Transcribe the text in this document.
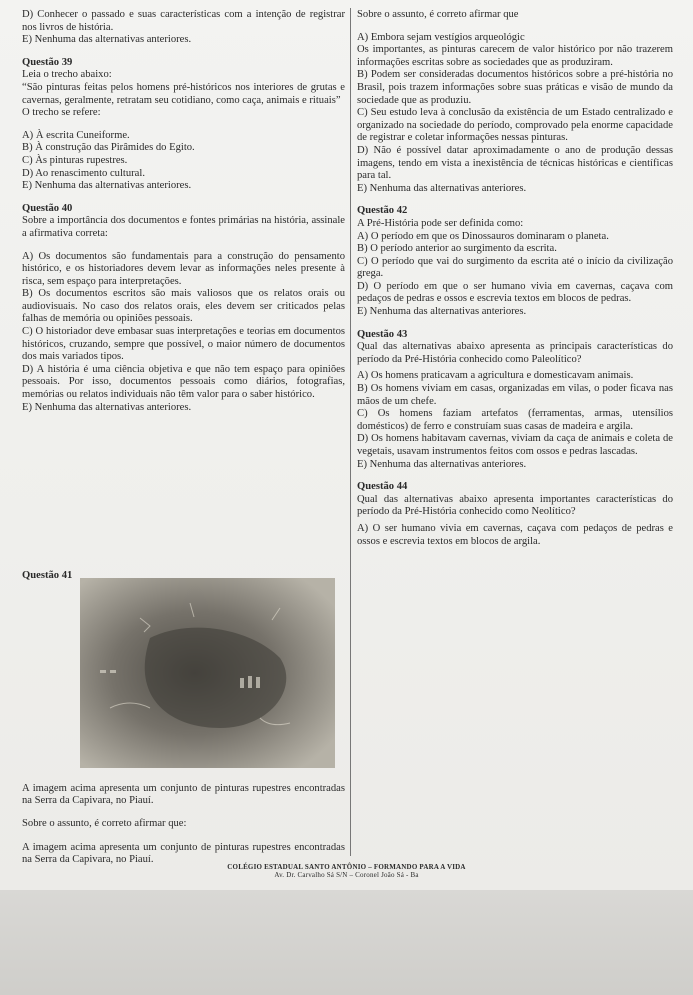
D) Conhecer o passado e suas características com a intenção de registrar nos livros de história.

E) Nenhuma das alternativas anteriores.

Questão 39

Leia o trecho abaixo:

“São pinturas feitas pelos homens pré-históricos nos interiores de grutas e cavernas, geralmente, retratam seu cotidiano, como caça, animais e rituais”

O trecho se refere:

A) À escrita Cuneiforme.

B) À construção das Pirâmides do Egito.

C) Às pinturas rupestres.

D) Ao renascimento cultural.

E) Nenhuma das alternativas anteriores.

Questão 40

Sobre a importância dos documentos e fontes primárias na história, assinale a afirmativa correta:

A) Os documentos são fundamentais para a construção do pensamento histórico, e os historiadores devem levar as informações neles presente à risca, sem espaço para interpretações.

B) Os documentos escritos são mais valiosos que os relatos orais ou audiovisuais. No caso dos relatos orais, eles devem ser criticados pelas falhas de memória ou opiniões pessoais.

C) O historiador deve embasar suas interpretações e teorias em documentos históricos, cruzando, sempre que possível, o maior número de documentos dos mais variados tipos.

D) A história é uma ciência objetiva e que não tem espaço para opiniões pessoais. Por isso, documentos pessoais como diários, fotografias, memórias ou relatos individuais não têm valor para o saber histórico.

E) Nenhuma das alternativas anteriores.

Questão 41

A imagem acima apresenta um conjunto de pinturas rupestres encontradas na Serra da Capivara, no Piauí.

Sobre o assunto, é correto afirmar que:

A imagem acima apresenta um conjunto de pinturas rupestres encontradas na Serra da Capivara, no Piauí.

Sobre o assunto, é correto afirmar que

A) Embora sejam vestígios arqueológic

Os importantes, as pinturas carecem de valor histórico por não trazerem informações escritas sobre as sociedades que as produziram.

B) Podem ser consideradas documentos históricos sobre a pré-história no Brasil, pois trazem informações sobre suas práticas e visão de mundo da sociedade que as produziu.

C) Seu estudo leva à conclusão da existência de um Estado centralizado e organizado na sociedade do período, comprovado pela enorme capacidade de registrar e coletar informações nessas pinturas.

D) Não é possível datar aproximadamente o ano de produção dessas imagens, tendo em vista a inexistência de técnicas históricas e científicas para tal.

E) Nenhuma das alternativas anteriores.

Questão 42

A Pré-História pode ser definida como:

A) O período em que os Dinossauros dominaram o planeta.

B) O período anterior ao surgimento da escrita.

C) O período que vai do surgimento da escrita até o início da civilização grega.

D) O período em que o ser humano vivia em cavernas, caçava com pedaços de pedras e ossos e escrevia textos em blocos de pedras.

E) Nenhuma das alternativas anteriores.

Questão 43

Qual das alternativas abaixo apresenta as principais características do período da Pré-História conhecido como Paleolítico?

A) Os homens praticavam a agricultura e domesticavam animais.

B) Os homens viviam em casas, organizadas em vilas, o poder ficava nas mãos de um chefe.

C) Os homens faziam artefatos (ferramentas, armas, utensílios domésticos) de ferro e construíam suas casas de madeira e argila.

D) Os homens habitavam cavernas, viviam da caça de animais e coleta de vegetais, usavam instrumentos feitos com ossos e pedras lascadas.

E) Nenhuma das alternativas anteriores.

Questão 44

Qual das alternativas abaixo apresenta importantes características do período da Pré-História conhecido como Neolítico?

A) O ser humano vivia em cavernas, caçava com pedaços de pedras e ossos e escrevia textos em blocos de argila.

COLÉGIO ESTADUAL SANTO ANTÔNIO – FORMANDO PARA A VIDA
Av. Dr. Carvalho Sá S/N – Coronel João Sá - Ba
